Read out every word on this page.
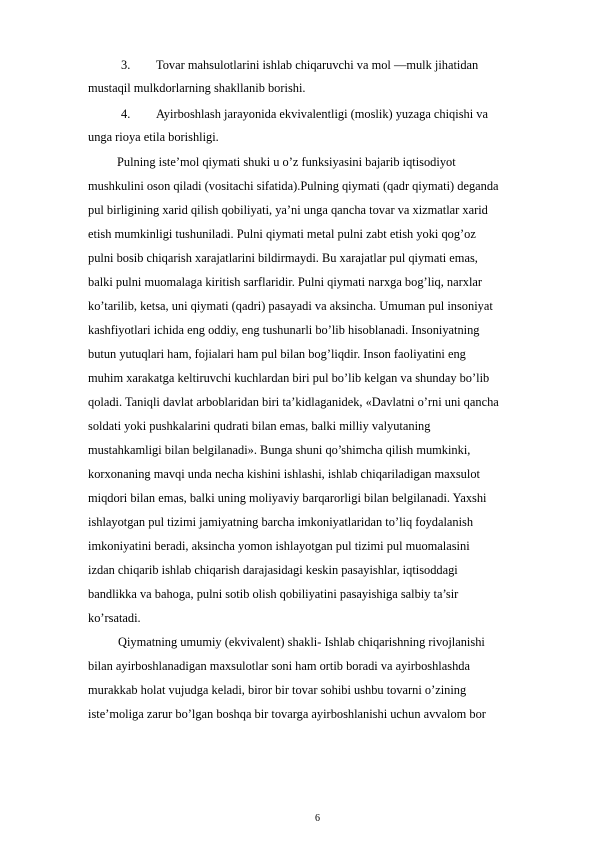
3. Tovar mahsulotlarini ishlab chiqaruvchi va mol —mulk jihatidan
mustaqil mulkdorlarning shakllanib borishi.
4. Ayirboshlash jarayonida ekvivalentligi (moslik) yuzaga chiqishi va
unga rioya etila borishligi.
Pulning iste’mol qiymati shuki u o’z funksiyasini bajarib iqtisodiyot
mushkulini oson qiladi (vositachi sifatida).Pulning qiymati (qadr qiymati) deganda
pul birligining xarid qilish qobiliyati, ya’ni unga qancha tovar va xizmatlar xarid
etish mumkinligi tushuniladi. Pulni qiymati metal pulni zabt etish yoki qog’oz
pulni bosib chiqarish xarajatlarini bildirmaydi. Bu xarajatlar pul qiymati emas,
balki pulni muomalaga kiritish sarflaridir. Pulni qiymati narxga bog’liq, narxlar
ko’tarilib, ketsa, uni qiymati (qadri) pasayadi va aksincha. Umuman pul insoniyat
kashfiyotlari ichida eng oddiy, eng tushunarli bo’lib hisoblanadi. Insoniyatning
butun yutuqlari ham, fojialari ham pul bilan bog’liqdir. Inson faoliyatini eng
muhim xarakatga keltiruvchi kuchlardan biri pul bo’lib kelgan va shunday bo’lib
qoladi. Taniqli davlat arboblaridan biri ta’kidlaganidek, «Davlatni o’rni uni qancha
soldati yoki pushkalarini qudrati bilan emas, balki milliy valyutaning
mustahkamligi bilan belgilanadi». Bunga shuni qo’shimcha qilish mumkinki,
korxonaning mavqi unda necha kishini ishlashi, ishlab chiqariladigan maxsulot
miqdori bilan emas, balki uning moliyaviy barqarorligi bilan belgilanadi. Yaxshi
ishlayotgan pul tizimi jamiyatning barcha imkoniyatlaridan to’liq foydalanish
imkoniyatini beradi, aksincha yomon ishlayotgan pul tizimi pul muomalasini
izdan chiqarib ishlab chiqarish darajasidagi keskin pasayishlar, iqtisoddagi
bandlikka va bahoga, pulni sotib olish qobiliyatini pasayishiga salbiy ta’sir
ko’rsatadi.
Qiymatning umumiy (ekvivalent) shakli- Ishlab chiqarishning rivojlanishi
bilan ayirboshlanadigan maxsulotlar soni ham ortib boradi va ayirboshlashda
murakkab holat vujudga keladi, biror bir tovar sohibi ushbu tovarni o’zining
iste’moliga zarur bo’lgan boshqa bir tovarga ayirboshlanishi uchun avvalom bor
6
